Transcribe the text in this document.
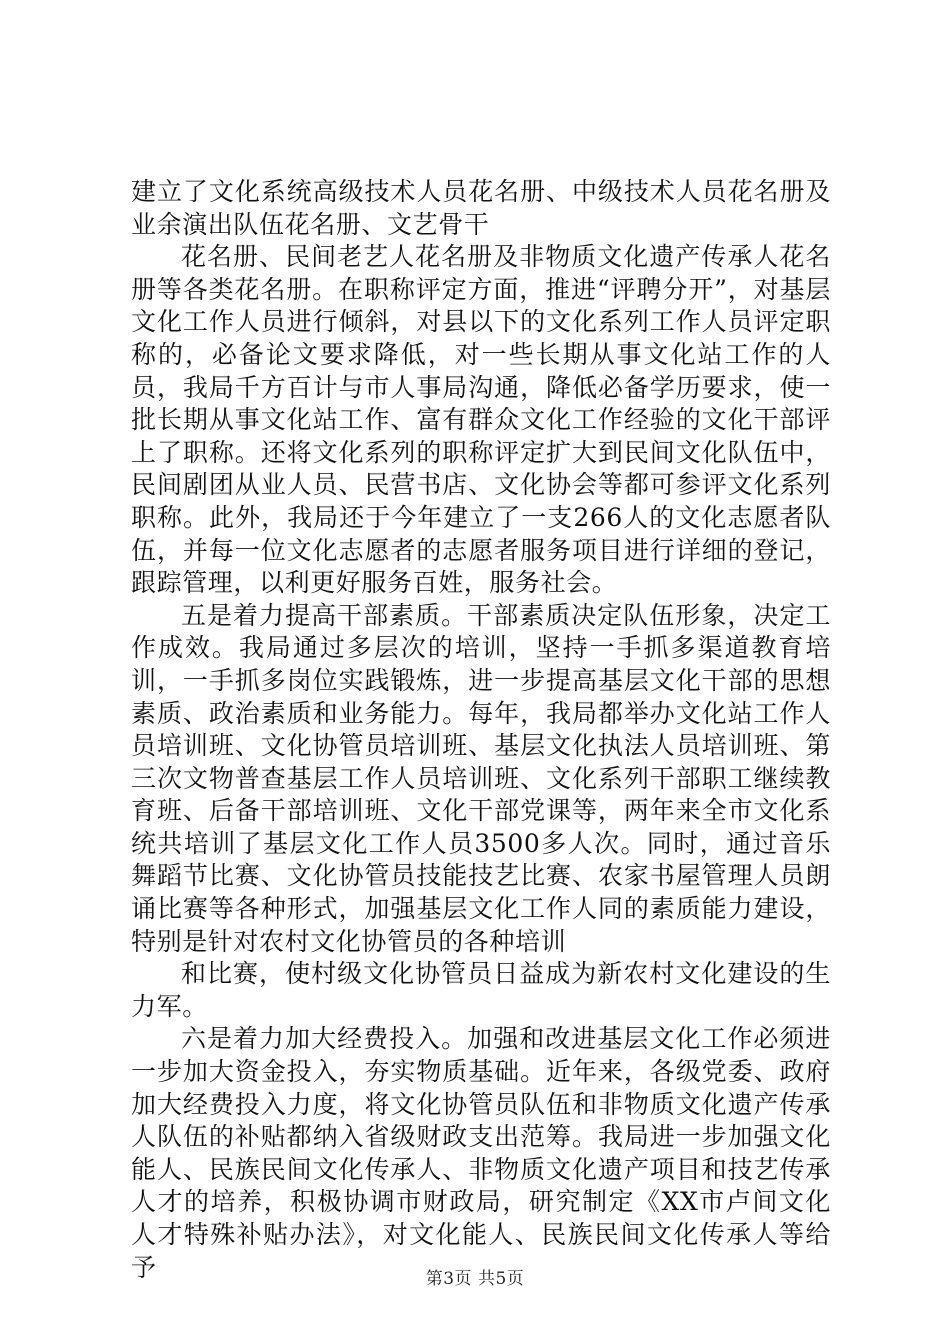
建立了文化系统高级技术人员花名册、中级技术人员花名册及业余演出队伍花名册、文艺骨干

花名册、民间老艺人花名册及非物质文化遗产传承人花名册等各类花名册。在职称评定方面，推进“评聘分开”，对基层文化工作人员进行倾斜，对县以下的文化系列工作人员评定职称的，必备论文要求降低，对一些长期从事文化站工作的人员，我局千方百计与市人事局沟通，降低必备学历要求，使一批长期从事文化站工作、富有群众文化工作经验的文化干部评上了职称。还将文化系列的职称评定扩大到民间文化队伍中，民间剧团从业人员、民营书店、文化协会等都可参评文化系列职称。此外，我局还于今年建立了一支266人的文化志愿者队伍，并每一位文化志愿者的志愿者服务项目进行详细的登记，跟踪管理，以利更好服务百姓，服务社会。

五是着力提高干部素质。干部素质决定队伍形象，决定工作成效。我局通过多层次的培训，坚持一手抓多渠道教育培训，一手抓多岗位实践锻炼，进一步提高基层文化干部的思想素质、政治素质和业务能力。每年，我局都举办文化站工作人员培训班、文化协管员培训班、基层文化执法人员培训班、第三次文物普查基层工作人员培训班、文化系列干部职工继续教育班、后备干部培训班、文化干部党课等，两年来全市文化系统共培训了基层文化工作人员3500多人次。同时，通过音乐舞蹈节比赛、文化协管员技能技艺比赛、农家书屋管理人员朗诵比赛等各种形式，加强基层文化工作人同的素质能力建设，特别是针对农村文化协管员的各种培训

和比赛，使村级文化协管员日益成为新农村文化建设的生力军。

六是着力加大经费投入。加强和改进基层文化工作必须进一步加大资金投入，夯实物质基础。近年来，各级党委、政府加大经费投入力度，将文化协管员队伍和非物质文化遗产传承人队伍的补贴都纳入省级财政支出范筹。我局进一步加强文化能人、民族民间文化传承人、非物质文化遗产项目和技艺传承人才的培养，积极协调市财政局，研究制定《XX市卢间文化人才特殊补贴办法》，对文化能人、民族民间文化传承人等给予	第3页 共5页
